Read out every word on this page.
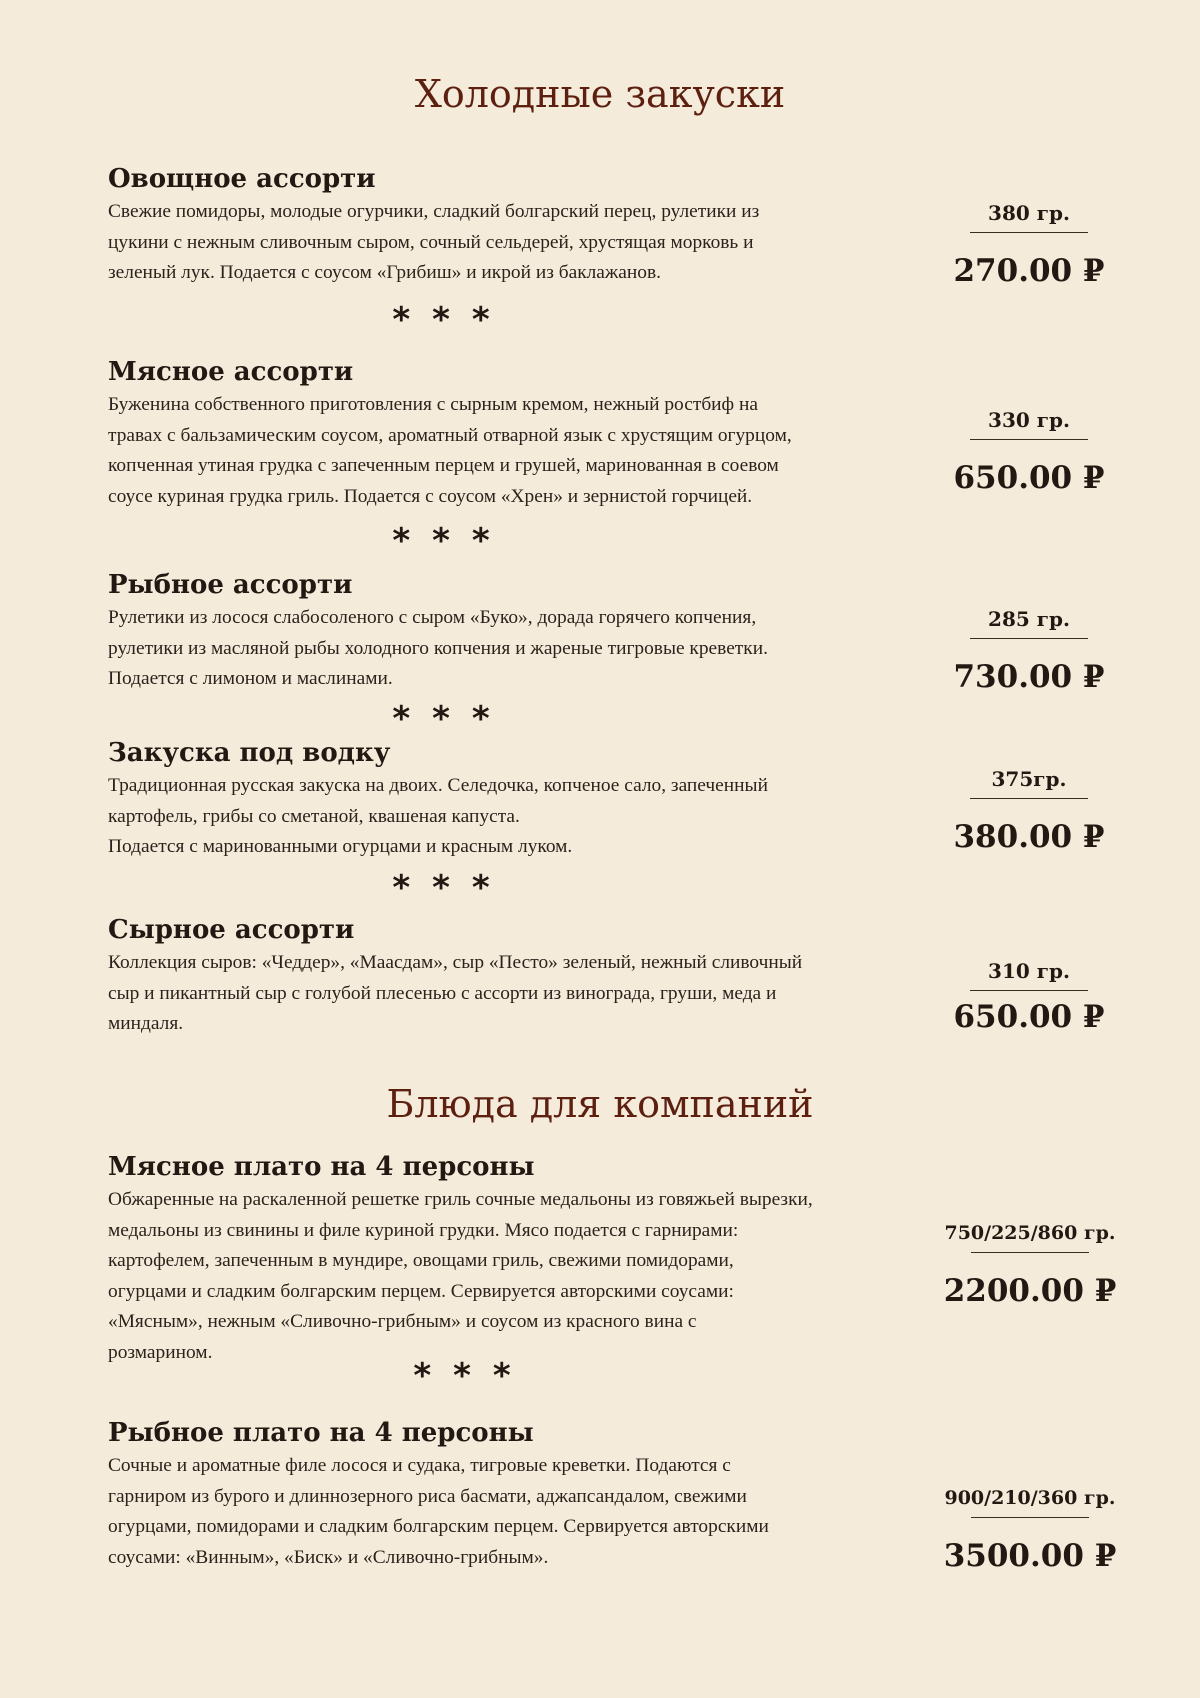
Холодные закуски
Овощное ассорти

Свежие помидоры, молодые огурчики, сладкий болгарский перец, рулетики из
цукини с нежным сливочным сыром, сочный сельдерей, хрустящая морковь и
зеленый лук. Подается с соусом «Грибиш» и икрой из баклажанов.

380 гр.
270.00 ₽
***
Мясное ассорти

Буженина собственного приготовления с сырным кремом, нежный ростбиф на
травах с бальзамическим соусом, ароматный отварной язык с хрустящим огурцом,
копченная утиная грудка с запеченным перцем и грушей, маринованная в соевом
соусе куриная грудка гриль. Подается с соусом «Хрен» и зернистой горчицей.

330 гр.
650.00 ₽
***
Рыбное ассорти

Рулетики из лосося слабосоленого с сыром «Буко», дорада горячего копчения,
рулетики из масляной рыбы холодного копчения и жареные тигровые креветки.
Подается с лимоном и маслинами.

285 гр.
730.00 ₽
***
Закуска под водку

Традиционная русская закуска на двоих. Селедочка, копченое сало, запеченный
картофель, грибы со сметаной, квашеная капуста.
Подается с маринованными огурцами и красным луком.

375гр.
380.00 ₽
***
Сырное ассорти

Коллекция сыров: «Чеддер», «Маасдам», сыр «Песто» зеленый, нежный сливочный
сыр и пикантный сыр с голубой плесенью с ассорти из винограда, груши, меда и
миндаля.

310 гр.
650.00 ₽
Блюда для компаний
Мясное плато на 4 персоны

Обжаренные на раскаленной решетке гриль сочные медальоны из говяжьей вырезки,
медальоны из свинины и филе куриной грудки. Мясо подается с гарнирами:
картофелем, запеченным в мундире, овощами гриль, свежими помидорами,
огурцами и сладким болгарским перцем. Сервируется авторскими соусами:
«Мясным», нежным «Сливочно-грибным» и соусом из красного вина с
розмарином.

750/225/860 гр.
2200.00 ₽
***
Рыбное плато на 4 персоны

Сочные и ароматные филе лосося и судака, тигровые креветки. Подаются с
гарниром из бурого и длиннозерного риса басмати, аджапсандалом, свежими
огурцами, помидорами и сладким болгарским перцем. Сервируется авторскими
соусами: «Винным», «Биск» и «Сливочно-грибным».

900/210/360 гр.
3500.00 ₽
